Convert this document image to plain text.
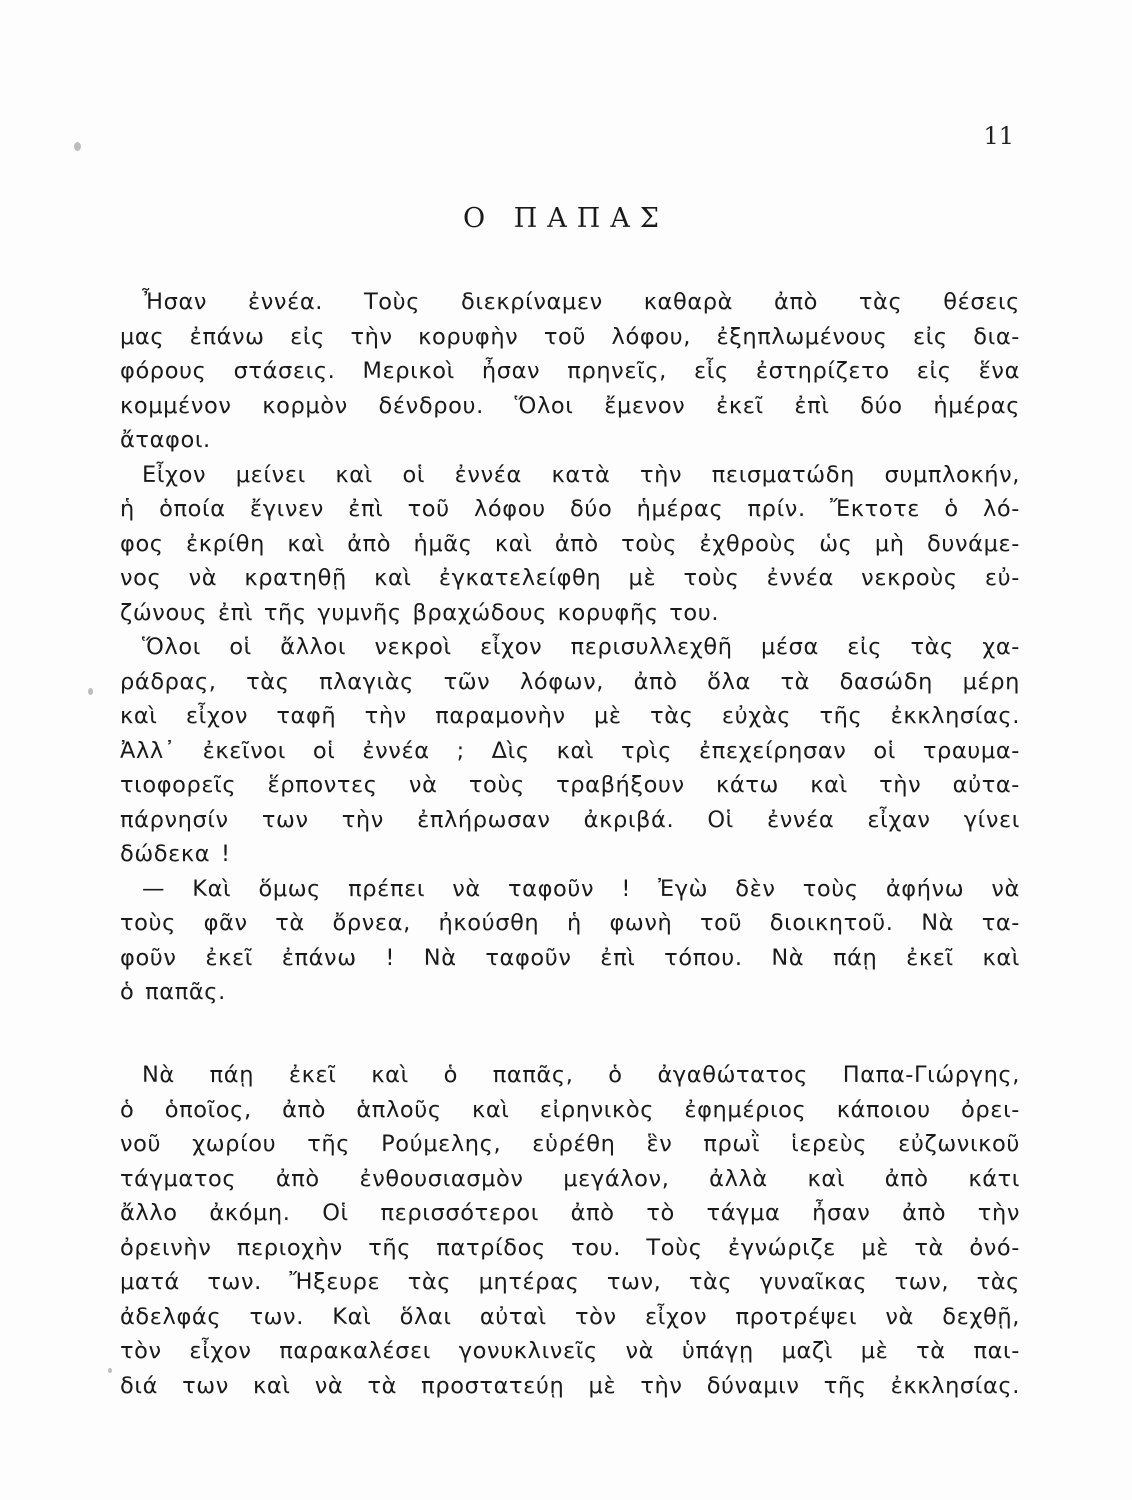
11
Ο ΠΑΠΑΣ
Ἦσαν ἐννέα. Τοὺς διεκρίναμεν καθαρὰ ἀπὸ τὰς θέσεις
μας ἐπάνω εἰς τὴν κορυφὴν τοῦ λόφου, ἐξηπλωμένους εἰς δια-
φόρους στάσεις. Μερικοὶ ἦσαν πρηνεῖς, εἷς ἐστηρίζετο εἰς ἕνα
κομμένον κορμὸν δένδρου. Ὅλοι ἔμενον ἐκεῖ ἐπὶ δύο ἡμέρας
ἄταφοι.
Εἶχον μείνει καὶ οἱ ἐννέα κατὰ τὴν πεισματώδη συμπλοκήν,
ἡ ὁποία ἔγινεν ἐπὶ τοῦ λόφου δύο ἡμέρας πρίν. Ἔκτοτε ὁ λό-
φος ἐκρίθη καὶ ἀπὸ ἡμᾶς καὶ ἀπὸ τοὺς ἐχθροὺς ὡς μὴ δυνάμε-
νος νὰ κρατηθῇ καὶ ἐγκατελείφθη μὲ τοὺς ἐννέα νεκροὺς εὐ-
ζώνους ἐπὶ τῆς γυμνῆς βραχώδους κορυφῆς του.
Ὅλοι οἱ ἄλλοι νεκροὶ εἶχον περισυλλεχθῆ μέσα εἰς τὰς χα-
ράδρας, τὰς πλαγιὰς τῶν λόφων, ἀπὸ ὅλα τὰ δασώδη μέρη
καὶ εἶχον ταφῆ τὴν παραμονὴν μὲ τὰς εὐχὰς τῆς ἐκκλησίας.
Ἀλλ᾿ ἐκεῖνοι οἱ ἐννέα ; Δὶς καὶ τρὶς ἐπεχείρησαν οἱ τραυμα-
τιοφορεῖς ἕρποντες νὰ τοὺς τραβήξουν κάτω καὶ τὴν αὐτα-
πάρνησίν των τὴν ἐπλήρωσαν ἀκριβά. Οἱ ἐννέα εἶχαν γίνει
δώδεκα !
— Καὶ ὅμως πρέπει νὰ ταφοῦν ! Ἐγὼ δὲν τοὺς ἀφήνω νὰ
τοὺς φᾶν τὰ ὄρνεα, ἠκούσθη ἡ φωνὴ τοῦ διοικητοῦ. Νὰ τα-
φοῦν ἐκεῖ ἐπάνω ! Νὰ ταφοῦν ἐπὶ τόπου. Νὰ πάῃ ἐκεῖ καὶ
ὁ παπᾶς.
Νὰ πάῃ ἐκεῖ καὶ ὁ παπᾶς, ὁ ἀγαθώτατος Παπα-Γιώργης,
ὁ ὁποῖος, ἀπὸ ἁπλοῦς καὶ εἰρηνικὸς ἐφημέριος κάποιου ὀρει-
νοῦ χωρίου τῆς Ρούμελης, εὑρέθη ἓν πρωῒ ἱερεὺς εὐζωνικοῦ
τάγματος ἀπὸ ἐνθουσιασμὸν μεγάλον, ἀλλὰ καὶ ἀπὸ κάτι
ἄλλο ἀκόμη. Οἱ περισσότεροι ἀπὸ τὸ τάγμα ἦσαν ἀπὸ τὴν
ὀρεινὴν περιοχὴν τῆς πατρίδος του. Τοὺς ἐγνώριζε μὲ τὰ ὀνό-
ματά των. Ἤξευρε τὰς μητέρας των, τὰς γυναῖκας των, τὰς
ἀδελφάς των. Καὶ ὅλαι αὐταὶ τὸν εἶχον προτρέψει νὰ δεχθῇ,
τὸν εἶχον παρακαλέσει γονυκλινεῖς νὰ ὑπάγῃ μαζὶ μὲ τὰ παι-
διά των καὶ νὰ τὰ προστατεύῃ μὲ τὴν δύναμιν τῆς ἐκκλησίας.
